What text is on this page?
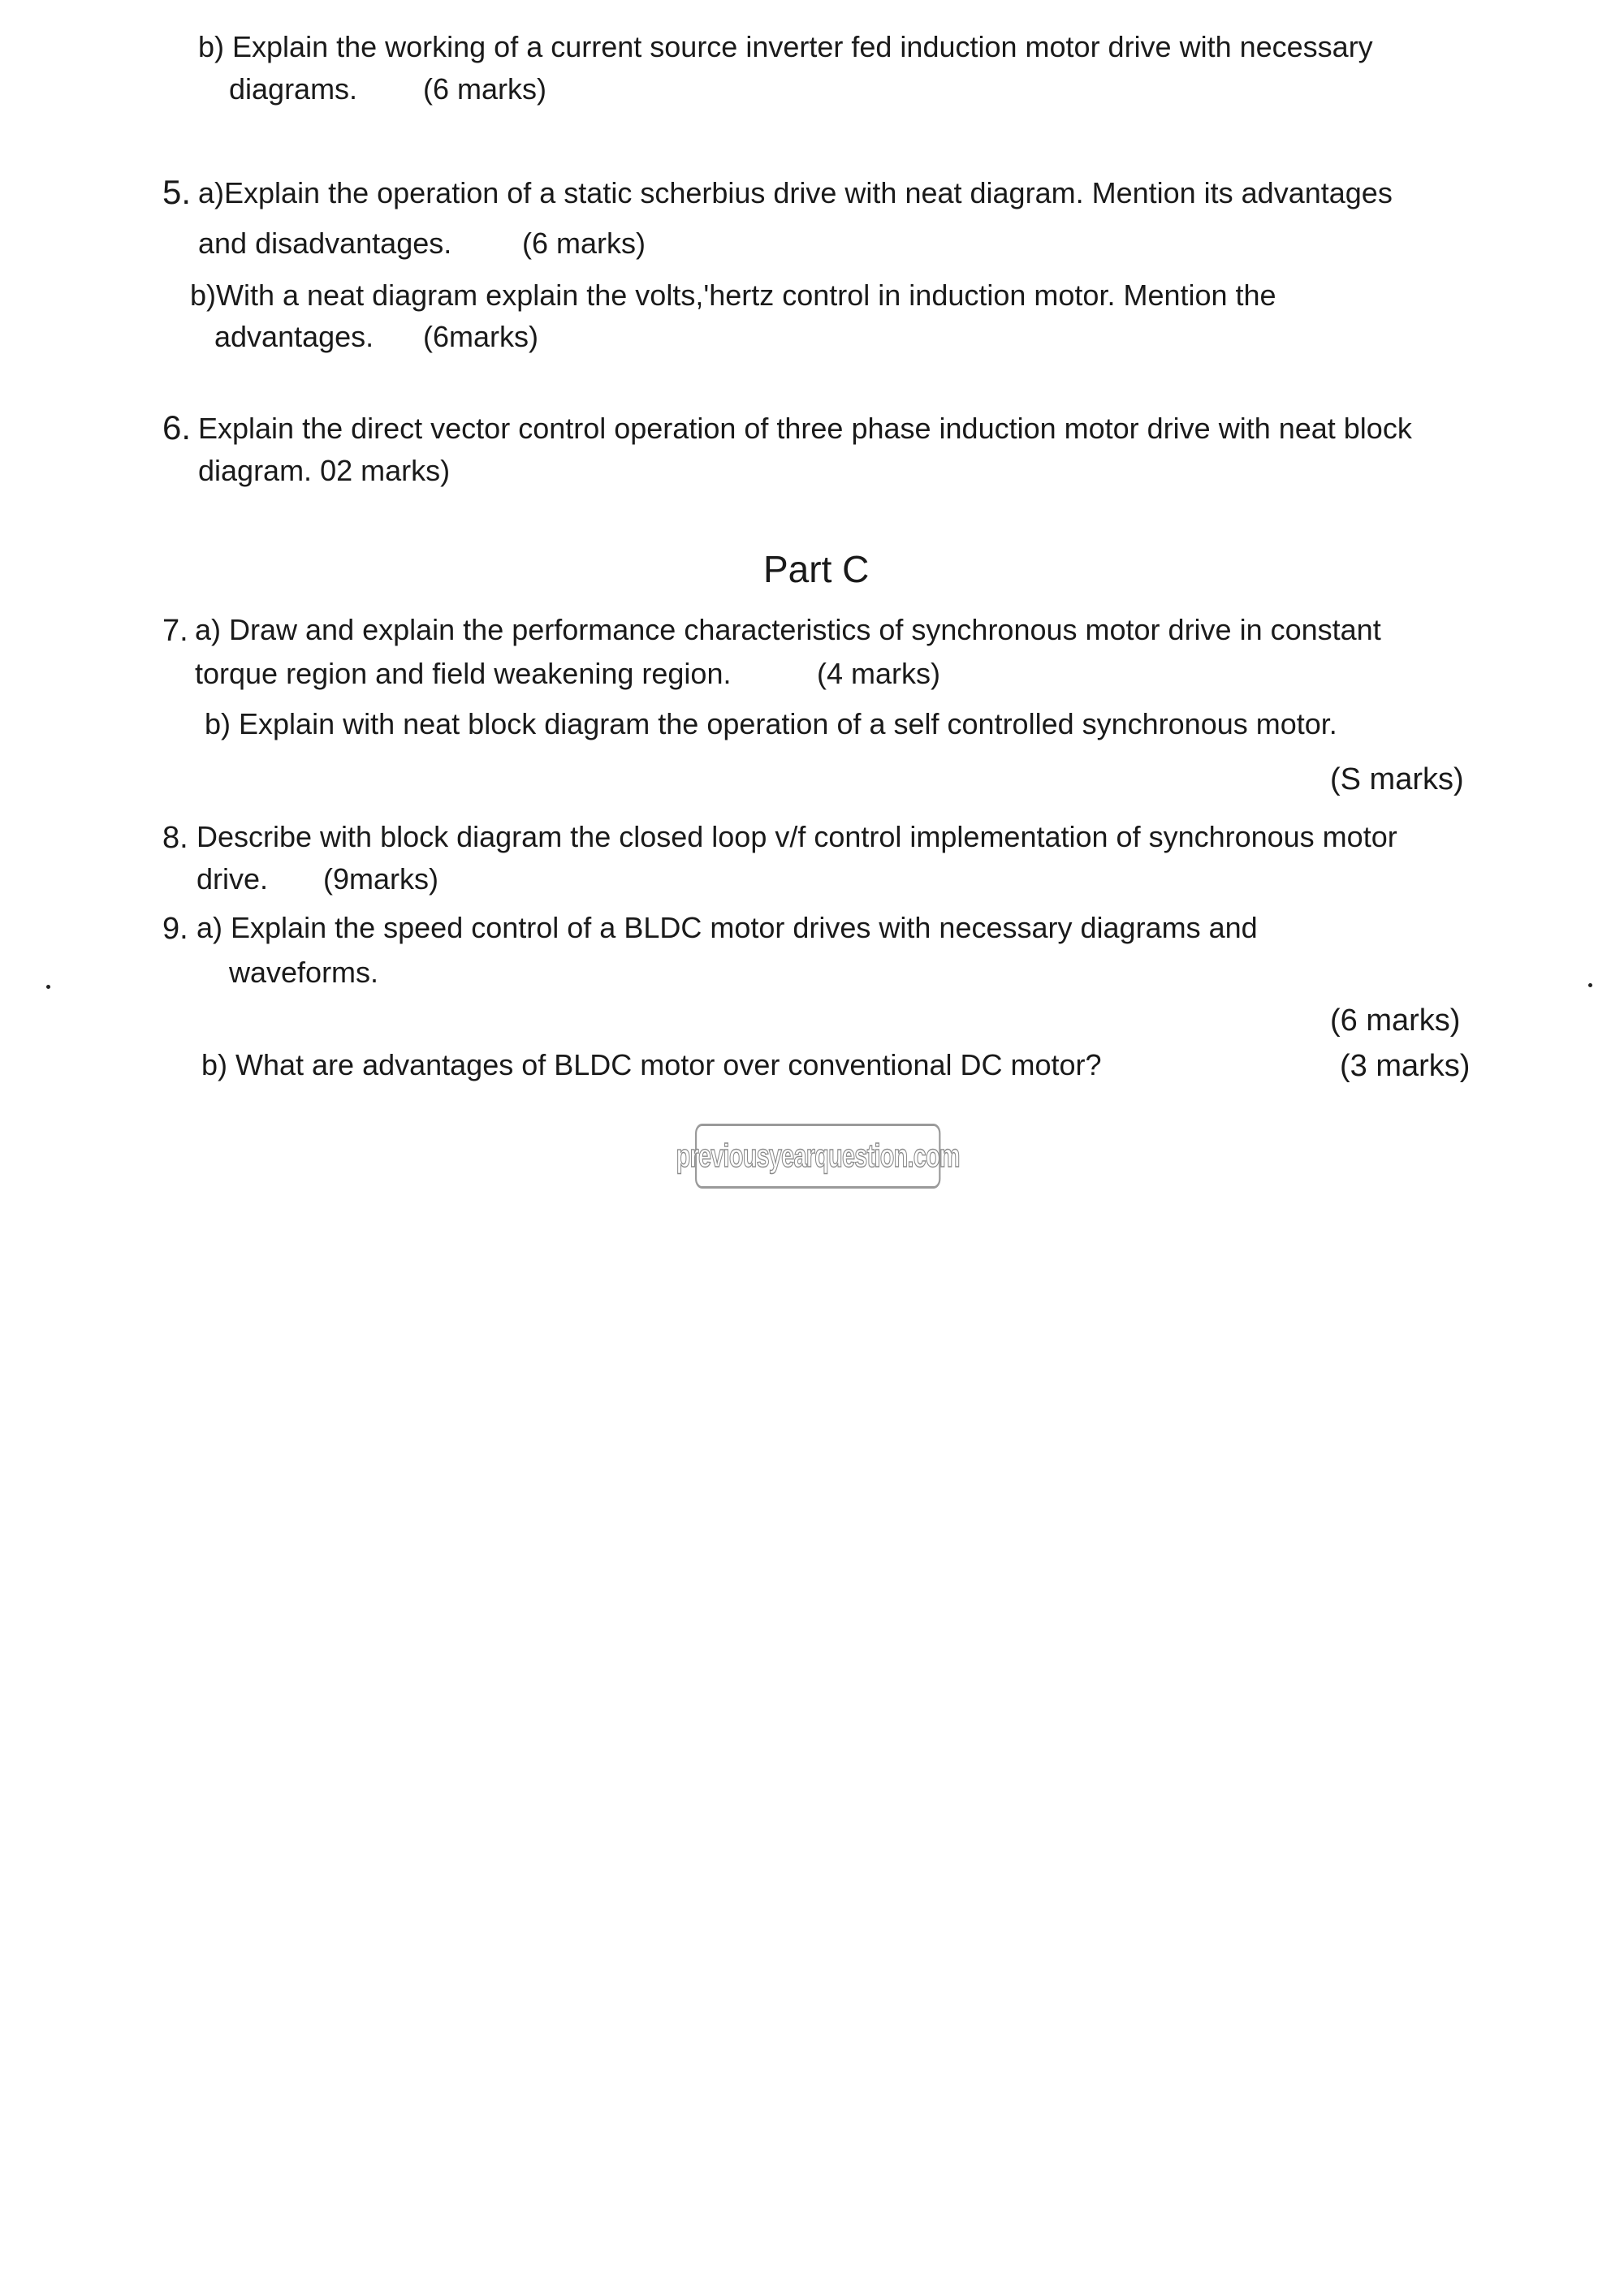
b) Explain the working of a current source inverter fed induction motor drive with necessary
diagrams. (6 marks)
5. a)Explain the operation of a static scherbius drive with neat diagram. Mention its advantages
and disadvantages. (6 marks)
b)With a neat diagram explain the volts,'hertz control in induction motor. Mention the
advantages. (6marks)
6. Explain the direct vector control operation of three phase induction motor drive with neat block
diagram. 02 marks)
Part C
7. a) Draw and explain the performance characteristics of synchronous motor drive in constant
torque region and field weakening region.	(4 marks)
b) Explain with neat block diagram the operation of a self controlled synchronous motor.
(S marks)
8. Describe with block diagram the closed loop v/f control implementation of synchronous motor
drive. (9marks)
9. a) Explain the speed control of a BLDC motor drives with necessary diagrams and
waveforms.
(6 marks)
b) What are advantages of BLDC motor over conventional DC motor?	(3 marks)
previousyearquestion.com
